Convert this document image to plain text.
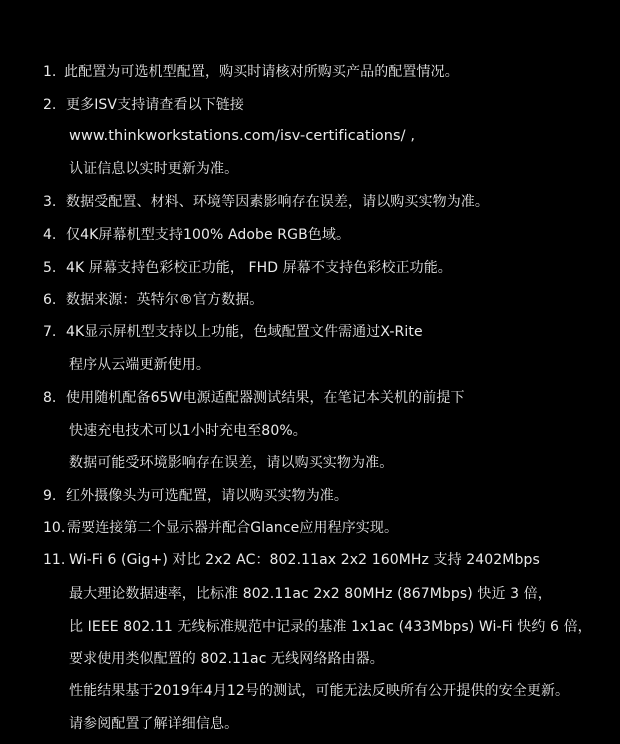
1. 此配置为可选机型配置，购买时请核对所购买产品的配置情况。
2. 更多ISV支持请查看以下链接
www.thinkworkstations.com/isv-certifications/ ,
认证信息以实时更新为准。
3. 数据受配置、材料、环境等因素影响存在误差，请以购买实物为准。
4. 仅4K屏幕机型支持100% Adobe RGB色域。
5. 4K 屏幕支持色彩校正功能， FHD 屏幕不支持色彩校正功能。
6. 数据来源：英特尔®官方数据。
7. 4K显示屏机型支持以上功能，色域配置文件需通过X-Rite
程序从云端更新使用。
8. 使用随机配备65W电源适配器测试结果，在笔记本关机的前提下
快速充电技术可以1小时充电至80%。
数据可能受环境影响存在误差，请以购买实物为准。
9. 红外摄像头为可选配置，请以购买实物为准。
10. 需要连接第二个显示器并配合Glance应用程序实现。
11. Wi-Fi 6 (Gig+) 对比 2x2 AC：802.11ax 2x2 160MHz 支持 2402Mbps
最大理论数据速率，比标准 802.11ac 2x2 80MHz (867Mbps) 快近 3 倍，
比 IEEE 802.11 无线标准规范中记录的基准 1x1ac (433Mbps) Wi-Fi 快约 6 倍，
要求使用类似配置的 802.11ac 无线网络路由器。
性能结果基于2019年4月12号的测试，可能无法反映所有公开提供的安全更新。
请参阅配置了解详细信息。
